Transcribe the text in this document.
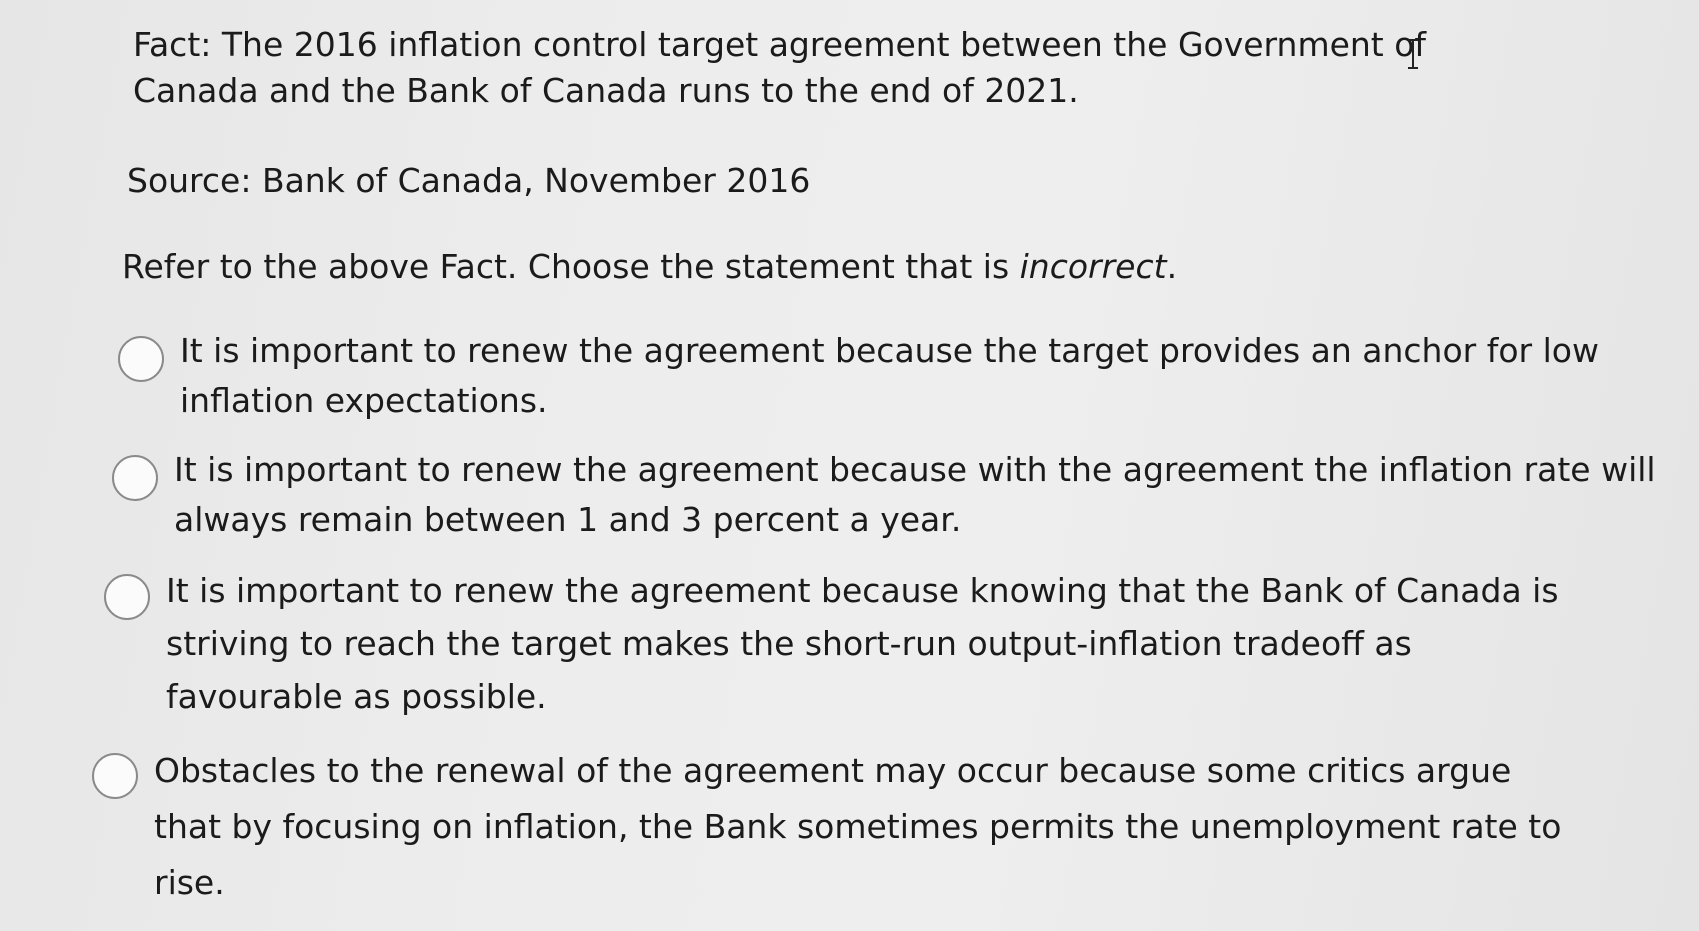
Fact: The 2016 inflation control target agreement between the Government of Canada and the Bank of Canada runs to the end of 2021.

Source: Bank of Canada, November 2016

Refer to the above Fact. Choose the statement that is incorrect.

It is important to renew the agreement because the target provides an anchor for low inflation expectations.
It is important to renew the agreement because with the agreement the inflation rate will always remain between 1 and 3 percent a year.
It is important to renew the agreement because knowing that the Bank of Canada is striving to reach the target makes the short-run output-inflation tradeoff as favourable as possible.
Obstacles to the renewal of the agreement may occur because some critics argue that by focusing on inflation, the Bank sometimes permits the unemployment rate to rise.
